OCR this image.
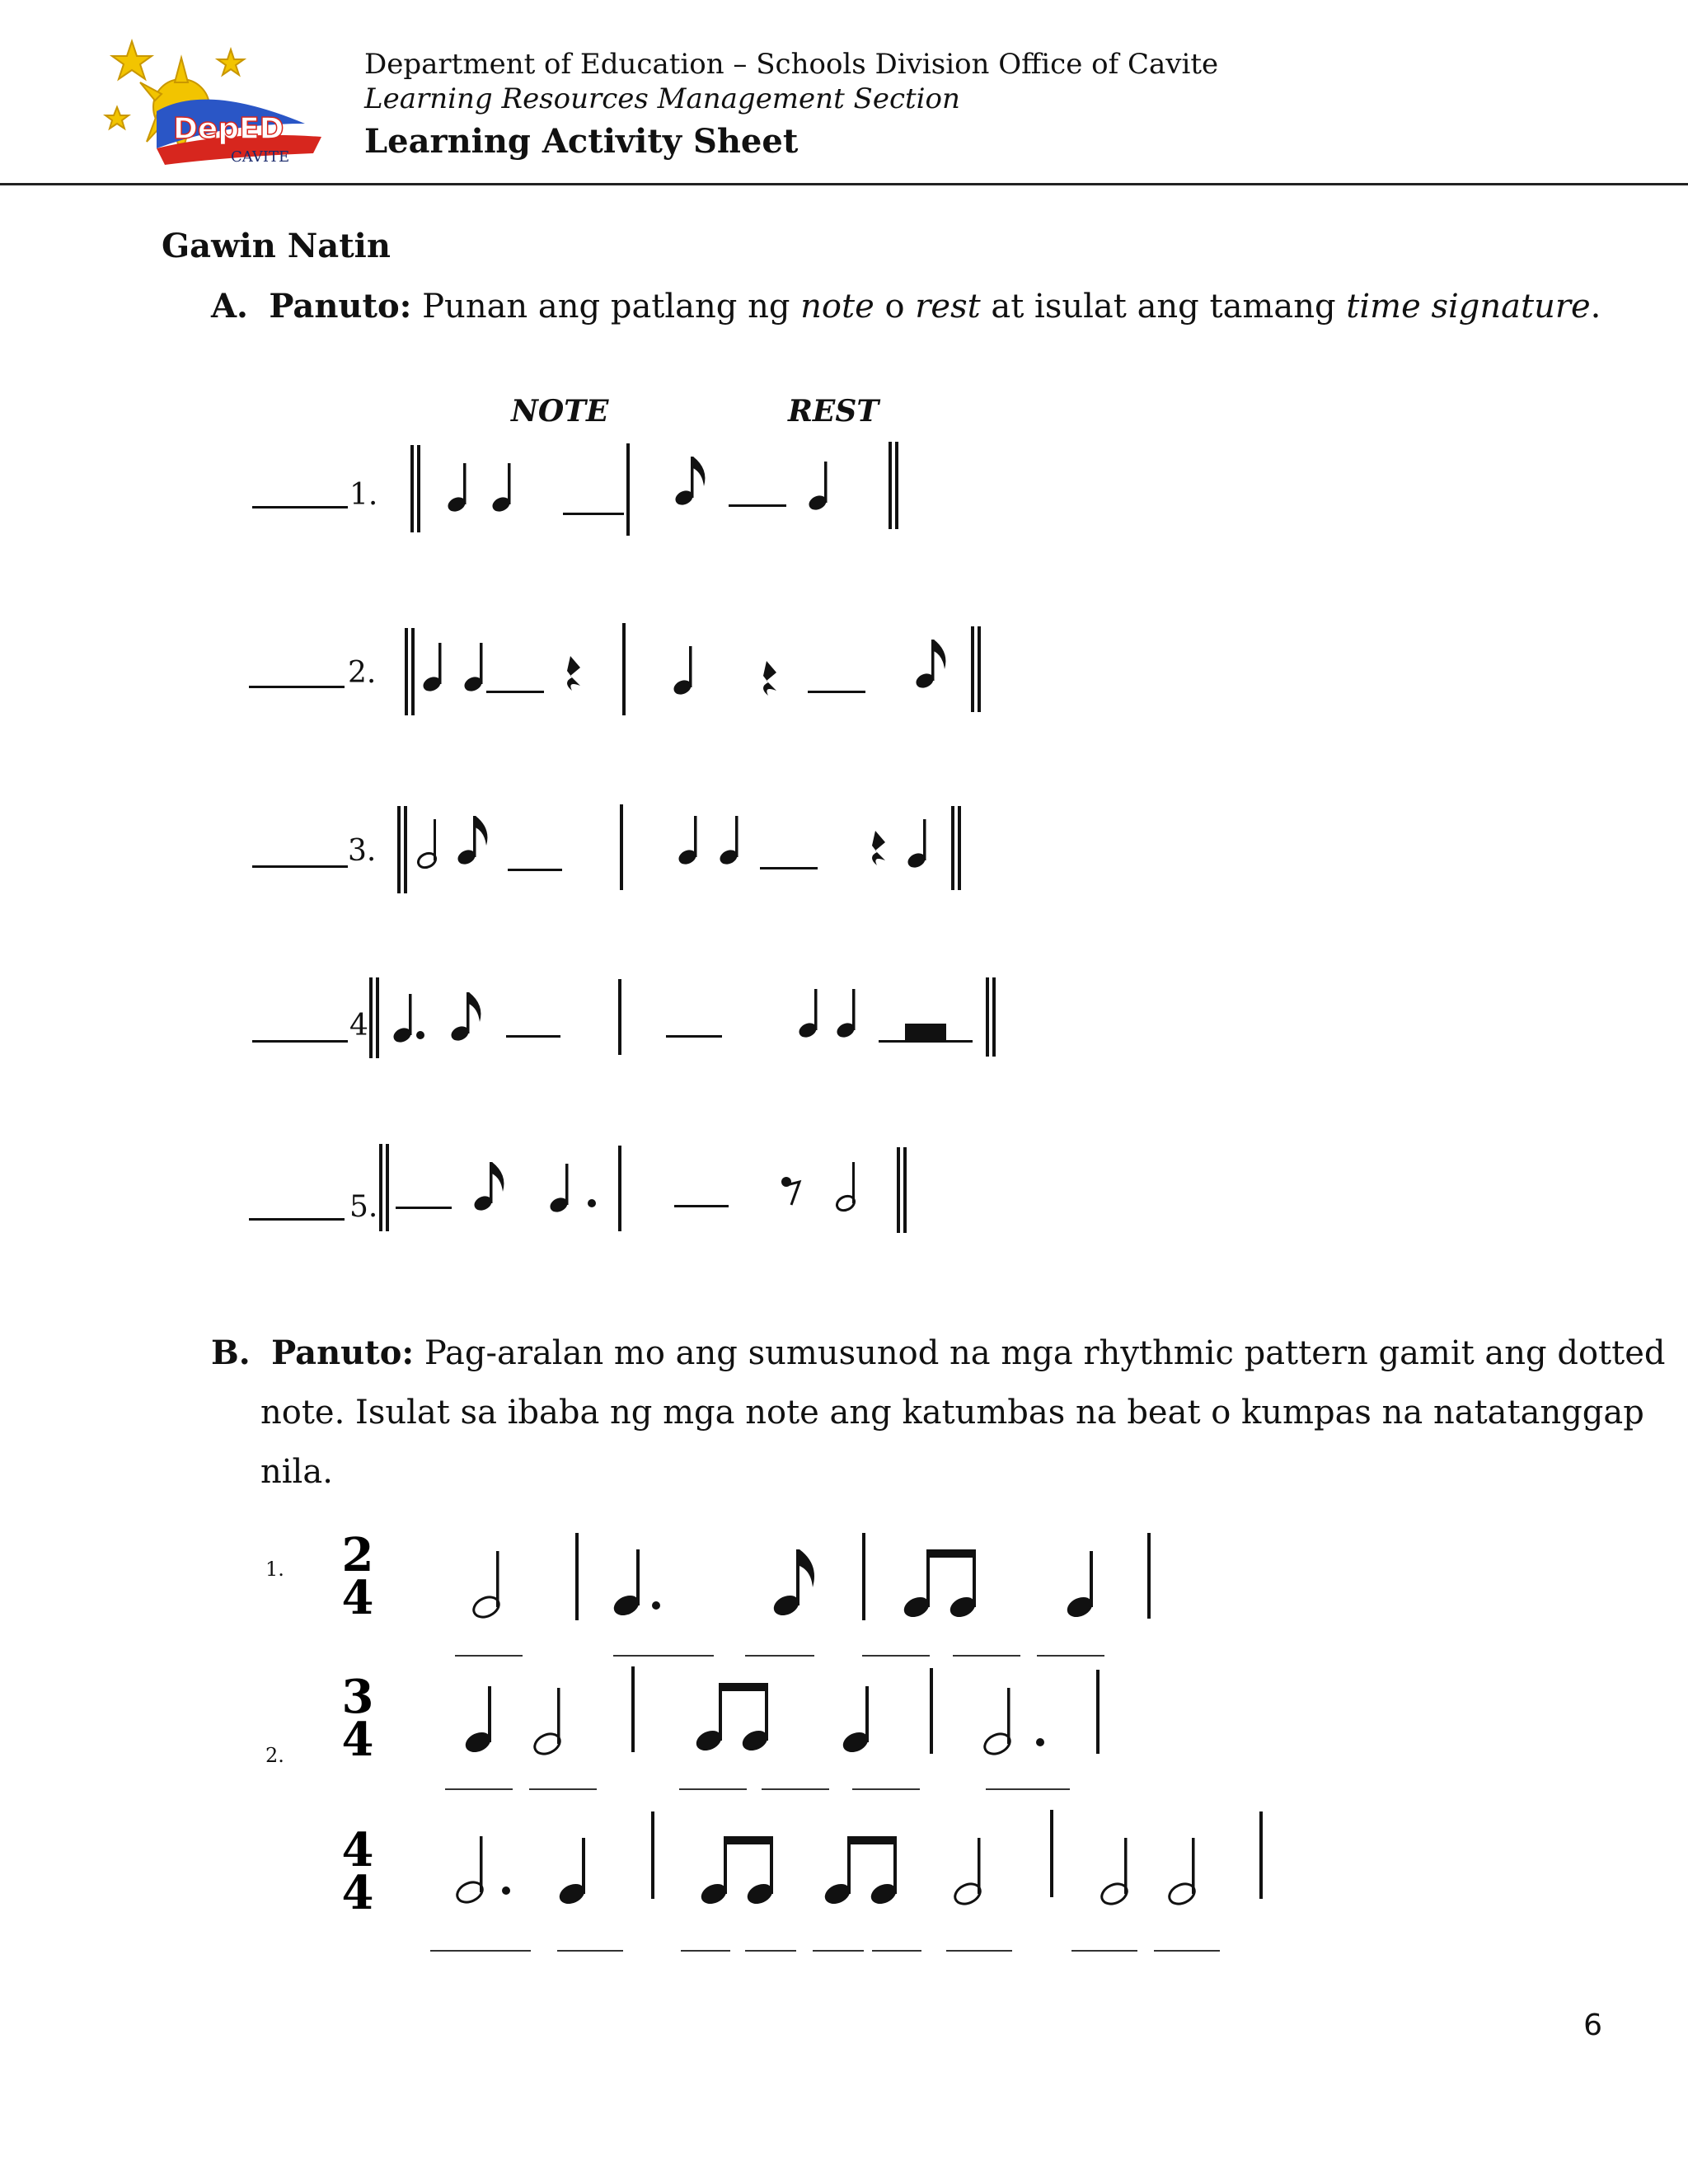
DepED
CAVITE
Department of Education – Schools Division Office of Cavite
Learning Resources Management Section
Learning Activity Sheet
Gawin Natin
A. Panuto: Punan ang patlang ng note o rest at isulat ang tamang time signature.
NOTE	REST
1.
2.
3.
4
5.
B. Panuto: Pag-aralan mo ang sumusunod na mga rhythmic pattern gamit ang dotted
note. Isulat sa ibaba ng mga note ang katumbas na beat o kumpas na natatanggap
nila.
1.
2.
2
4
3
4
4
4
6
